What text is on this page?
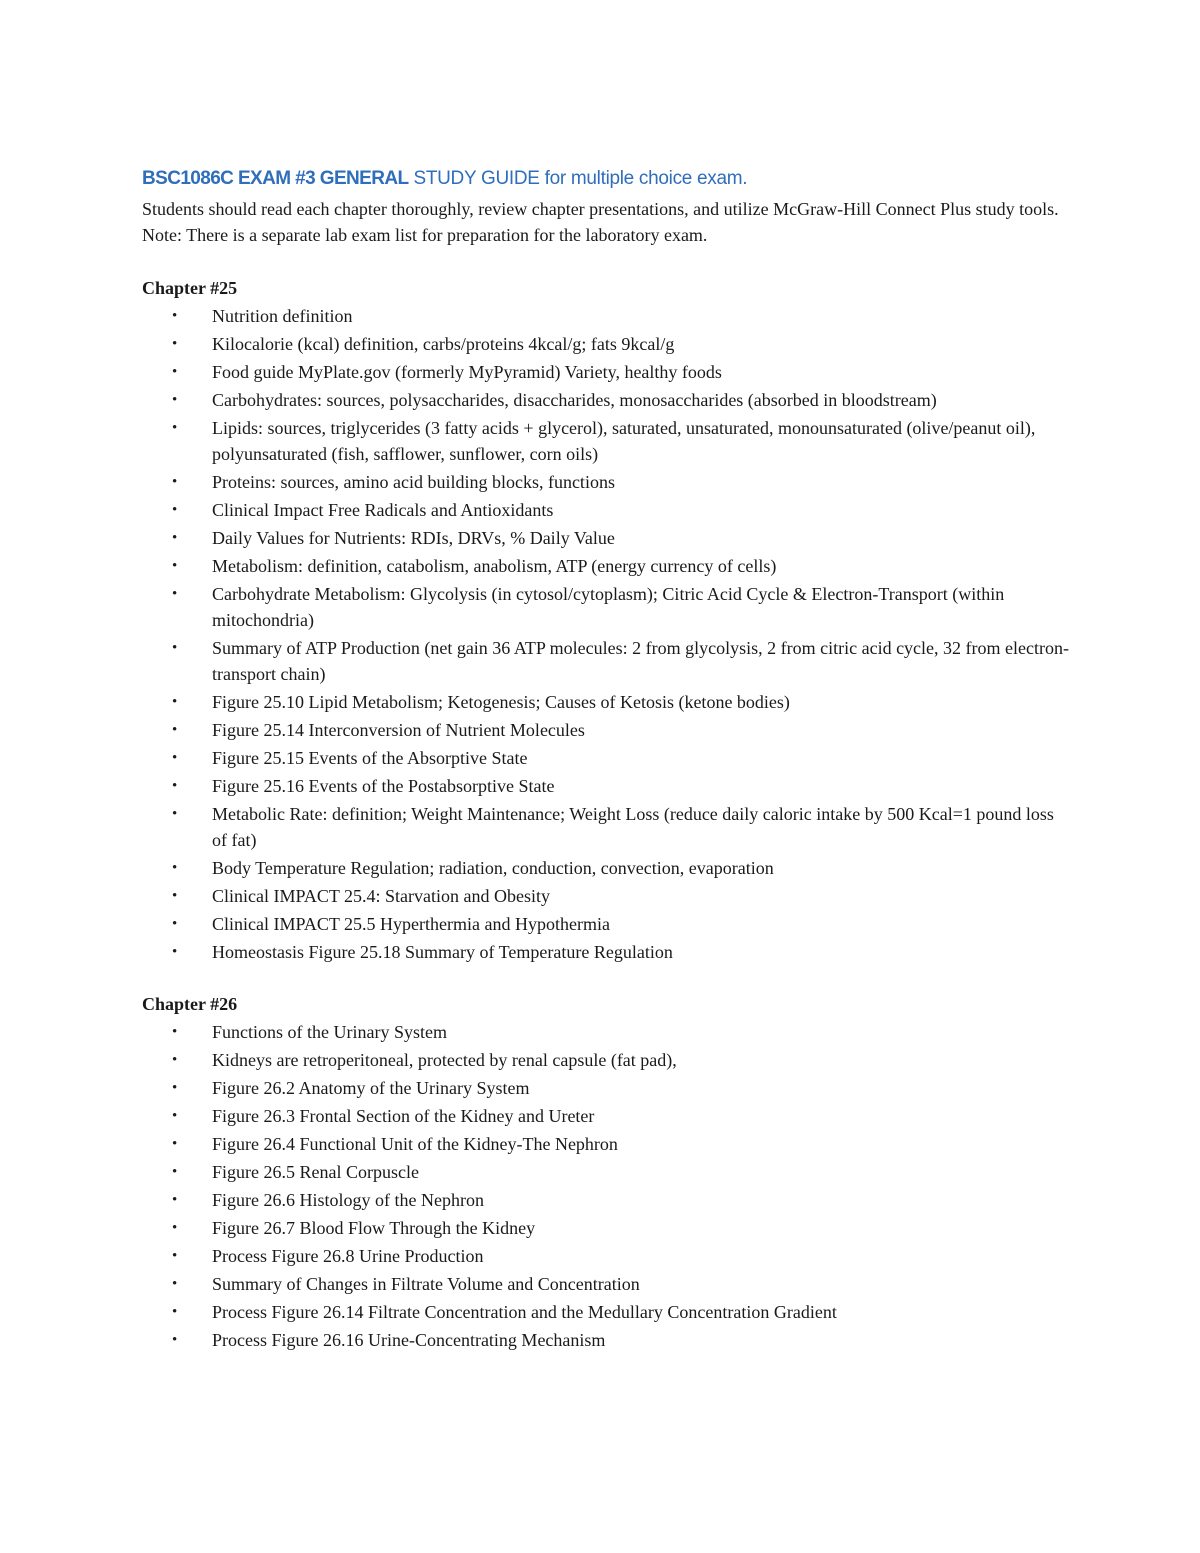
BSC1086C EXAM #3 GENERAL STUDY GUIDE for multiple choice exam.

Students should read each chapter thoroughly, review chapter presentations, and utilize McGraw-Hill Connect Plus study tools. Note: There is a separate lab exam list for preparation for the laboratory exam.

Chapter #25
• Nutrition definition
• Kilocalorie (kcal) definition, carbs/proteins 4kcal/g; fats 9kcal/g
• Food guide MyPlate.gov (formerly MyPyramid) Variety, healthy foods
• Carbohydrates: sources, polysaccharides, disaccharides, monosaccharides (absorbed in bloodstream)
• Lipids: sources, triglycerides (3 fatty acids + glycerol), saturated, unsaturated, monounsaturated (olive/peanut oil), polyunsaturated (fish, safflower, sunflower, corn oils)
• Proteins: sources, amino acid building blocks, functions
• Clinical Impact Free Radicals and Antioxidants
• Daily Values for Nutrients: RDIs, DRVs, % Daily Value
• Metabolism: definition, catabolism, anabolism, ATP (energy currency of cells)
• Carbohydrate Metabolism: Glycolysis (in cytosol/cytoplasm); Citric Acid Cycle & Electron-Transport (within mitochondria)
• Summary of ATP Production (net gain 36 ATP molecules: 2 from glycolysis, 2 from citric acid cycle, 32 from electron-transport chain)
• Figure 25.10 Lipid Metabolism; Ketogenesis; Causes of Ketosis (ketone bodies)
• Figure 25.14 Interconversion of Nutrient Molecules
• Figure 25.15 Events of the Absorptive State
• Figure 25.16 Events of the Postabsorptive State
• Metabolic Rate: definition; Weight Maintenance; Weight Loss (reduce daily caloric intake by 500 Kcal=1 pound loss of fat)
• Body Temperature Regulation; radiation, conduction, convection, evaporation
• Clinical IMPACT 25.4: Starvation and Obesity
• Clinical IMPACT 25.5 Hyperthermia and Hypothermia
• Homeostasis Figure 25.18 Summary of Temperature Regulation
Chapter #26
• Functions of the Urinary System
• Kidneys are retroperitoneal, protected by renal capsule (fat pad),
• Figure 26.2 Anatomy of the Urinary System
• Figure 26.3 Frontal Section of the Kidney and Ureter
• Figure 26.4 Functional Unit of the Kidney-The Nephron
• Figure 26.5 Renal Corpuscle
• Figure 26.6 Histology of the Nephron
• Figure 26.7 Blood Flow Through the Kidney
• Process Figure 26.8 Urine Production
• Summary of Changes in Filtrate Volume and Concentration
• Process Figure 26.14 Filtrate Concentration and the Medullary Concentration Gradient
• Process Figure 26.16 Urine-Concentrating Mechanism
